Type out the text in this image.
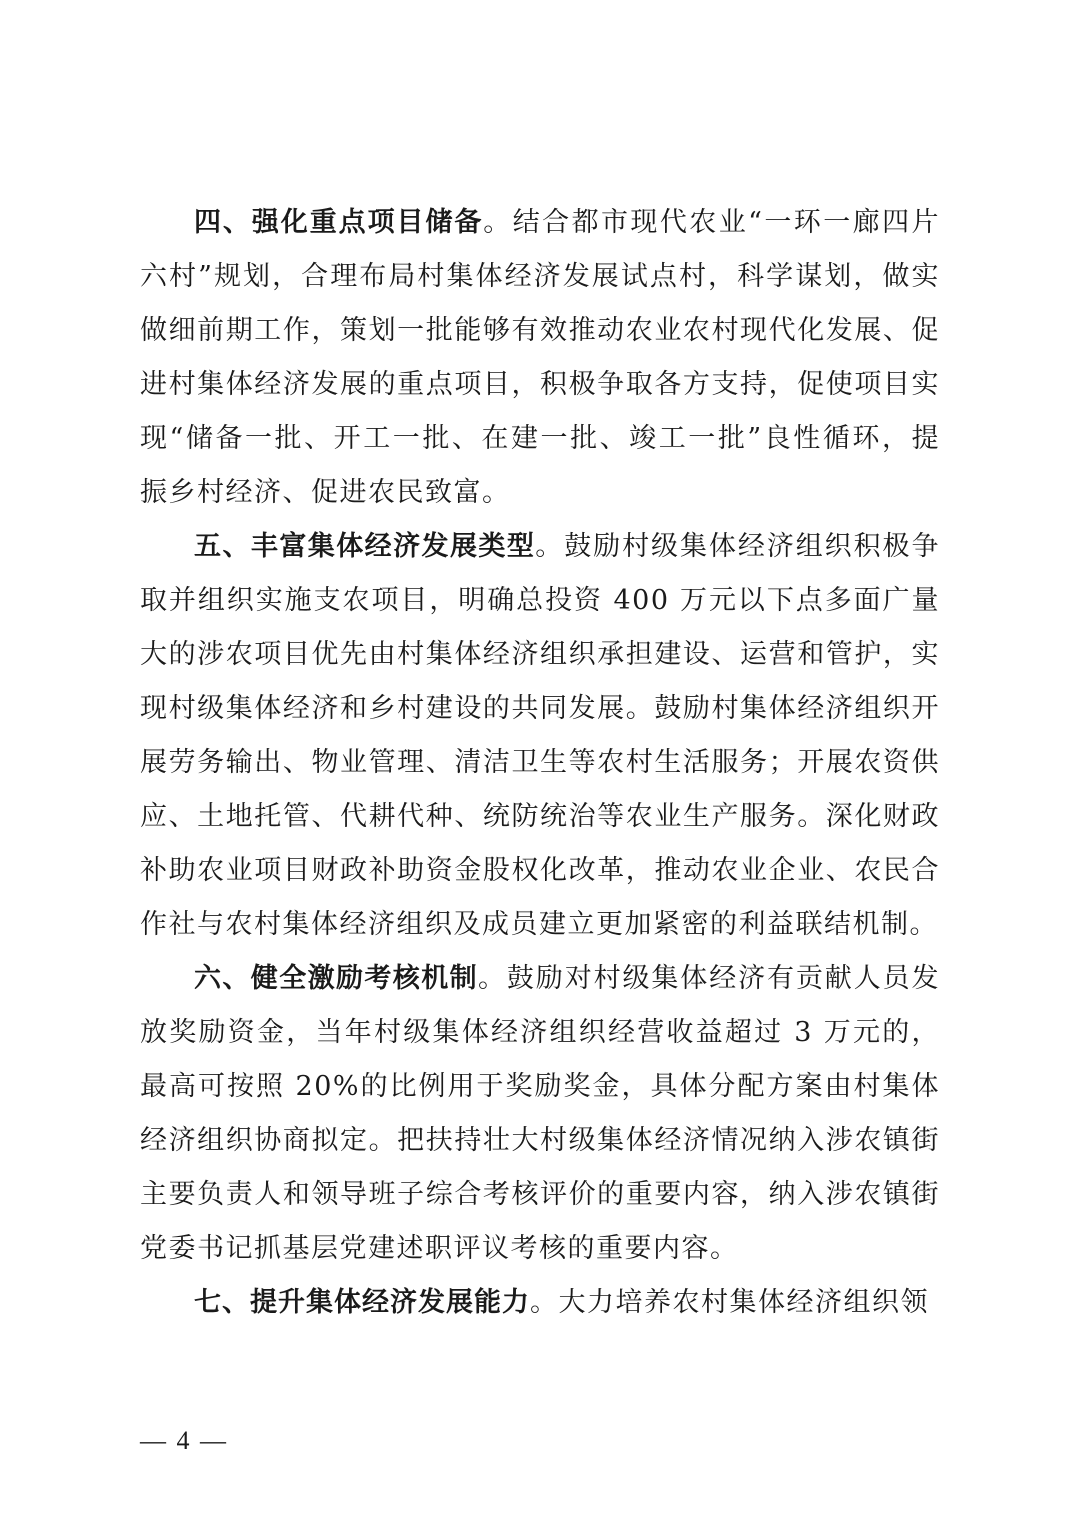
四、强化重点项目储备。结合都市现代农业“一环一廊四片六村”规划，合理布局村集体经济发展试点村，科学谋划，做实做细前期工作，策划一批能够有效推动农业农村现代化发展、促进村集体经济发展的重点项目，积极争取各方支持，促使项目实现“储备一批、开工一批、在建一批、竣工一批”良性循环，提振乡村经济、促进农民致富。

五、丰富集体经济发展类型。鼓励村级集体经济组织积极争取并组织实施支农项目，明确总投资 400 万元以下点多面广量大的涉农项目优先由村集体经济组织承担建设、运营和管护，实现村级集体经济和乡村建设的共同发展。鼓励村集体经济组织开展劳务输出、物业管理、清洁卫生等农村生活服务；开展农资供应、土地托管、代耕代种、统防统治等农业生产服务。深化财政补助农业项目财政补助资金股权化改革，推动农业企业、农民合作社与农村集体经济组织及成员建立更加紧密的利益联结机制。

六、健全激励考核机制。鼓励对村级集体经济有贡献人员发放奖励资金，当年村级集体经济组织经营收益超过 3 万元的，最高可按照 20%的比例用于奖励奖金，具体分配方案由村集体经济组织协商拟定。把扶持壮大村级集体经济情况纳入涉农镇街主要负责人和领导班子综合考核评价的重要内容，纳入涉农镇街党委书记抓基层党建述职评议考核的重要内容。

七、提升集体经济发展能力。大力培养农村集体经济组织领

— 4 —
